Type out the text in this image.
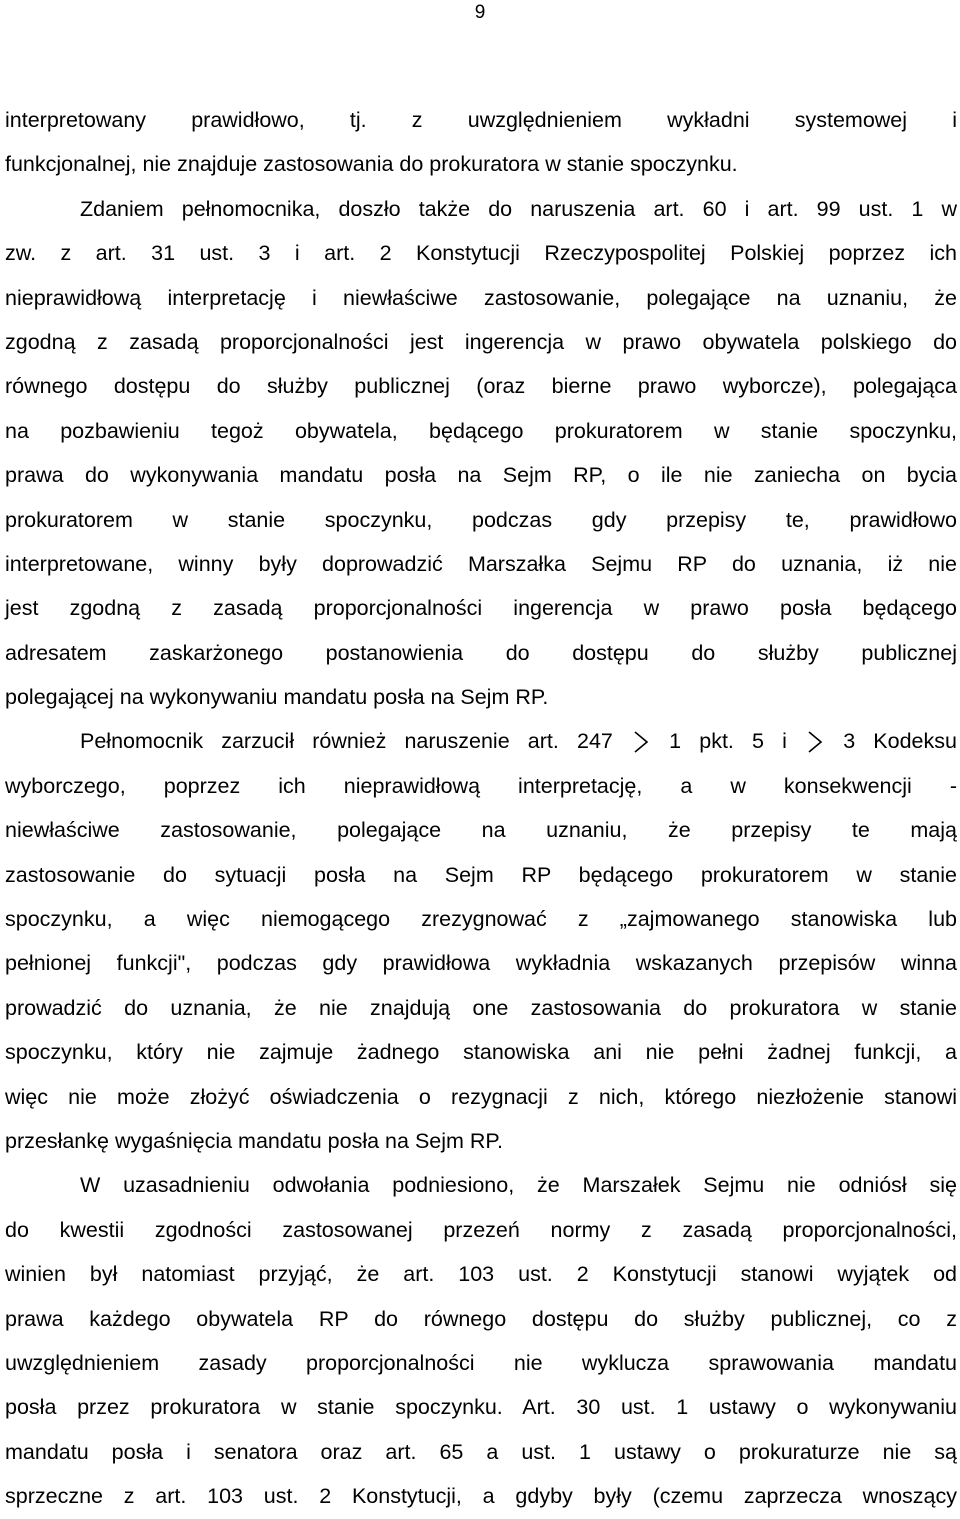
9
interpretowany prawidłowo, tj. z uwzględnieniem wykładni systemowej i
funkcjonalnej, nie znajduje zastosowania do prokuratora w stanie spoczynku.
Zdaniem pełnomocnika, doszło także do naruszenia art. 60 i art. 99 ust. 1 w
zw. z art. 31 ust. 3 i art. 2 Konstytucji Rzeczypospolitej Polskiej poprzez ich
nieprawidłową interpretację i niewłaściwe zastosowanie, polegające na uznaniu, że
zgodną z zasadą proporcjonalności jest ingerencja w prawo obywatela polskiego do
równego dostępu do służby publicznej (oraz bierne prawo wyborcze), polegająca
na pozbawieniu tegoż obywatela, będącego prokuratorem w stanie spoczynku,
prawa do wykonywania mandatu posła na Sejm RP, o ile nie zaniecha on bycia
prokuratorem w stanie spoczynku, podczas gdy przepisy te, prawidłowo
interpretowane, winny były doprowadzić Marszałka Sejmu RP do uznania, iż nie
jest zgodną z zasadą proporcjonalności ingerencja w prawo posła będącego
adresatem zaskarżonego postanowienia do dostępu do służby publicznej
polegającej na wykonywaniu mandatu posła na Sejm RP.
Pełnomocnik zarzucił również naruszenie art. 247	1 pkt. 5 i	3 Kodeksu
wyborczego, poprzez ich nieprawidłową interpretację, a w konsekwencji -
niewłaściwe zastosowanie, polegające na uznaniu, że przepisy te mają
zastosowanie do sytuacji posła na Sejm RP będącego prokuratorem w stanie
spoczynku, a więc niemogącego zrezygnować z „zajmowanego stanowiska lub
pełnionej funkcji", podczas gdy prawidłowa wykładnia wskazanych przepisów winna
prowadzić do uznania, że nie znajdują one zastosowania do prokuratora w stanie
spoczynku, który nie zajmuje żadnego stanowiska ani nie pełni żadnej funkcji, a
więc nie może złożyć oświadczenia o rezygnacji z nich, którego niezłożenie stanowi
przesłankę wygaśnięcia mandatu posła na Sejm RP.
W uzasadnieniu odwołania podniesiono, że Marszałek Sejmu nie odniósł się
do kwestii zgodności zastosowanej przezeń normy z zasadą proporcjonalności,
winien był natomiast przyjąć, że art. 103 ust. 2 Konstytucji stanowi wyjątek od
prawa każdego obywatela RP do równego dostępu do służby publicznej, co z
uwzględnieniem zasady proporcjonalności nie wyklucza sprawowania mandatu
posła przez prokuratora w stanie spoczynku. Art. 30 ust. 1 ustawy o wykonywaniu
mandatu posła i senatora oraz art. 65 a ust. 1 ustawy o prokuraturze nie są
sprzeczne z art. 103 ust. 2 Konstytucji, a gdyby były (czemu zaprzecza wnoszący
